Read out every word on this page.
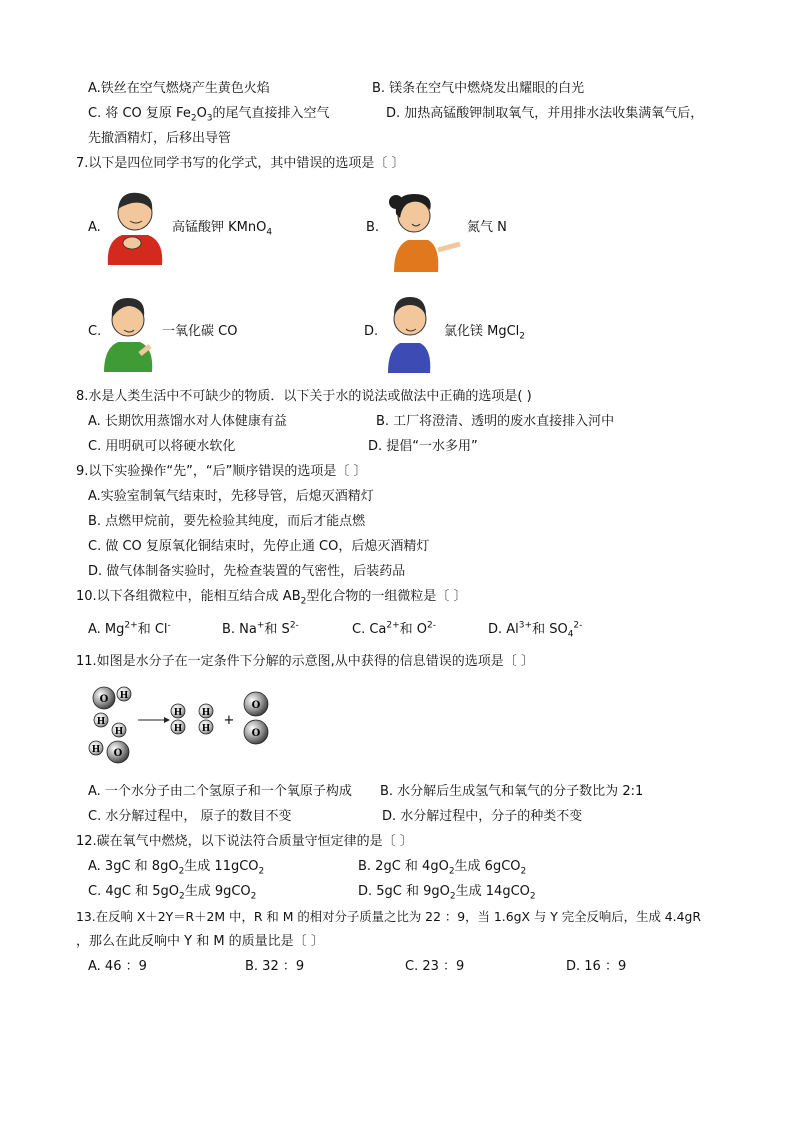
A.铁丝在空气燃烧产生黄色火焰	B. 镁条在空气中燃烧发出耀眼的白光
C. 将 CO 复原 $Fe_2O_3$的尾气直接排入空气	D. 加热高锰酸钾制取氧气，并用排水法收集满氧气后，
先撤酒精灯，后移出导管
7.以下是四位同学书写的化学式，其中错误的选项是〔 〕
A.	高锰酸钾 KMnO$_4$	B.	氮气 N
C.	一氧化碳 CO	D.	氯化镁 MgCl$_2$
8.水是人类生活中不可缺少的物质．以下关于水的说法或做法中正确的选项是( )
A. 长期饮用蒸馏水对人体健康有益	B. 工厂将澄清、透明的废水直接排入河中
C. 用明矾可以将硬水软化	D. 提倡“一水多用”
9.以下实验操作“先”，“后”顺序错误的选项是〔 〕
A.实验室制氧气结束时，先移导管，后熄灭酒精灯
B. 点燃甲烷前，要先检验其纯度，而后才能点燃
C. 做 CO 复原氧化铜结束时，先停止通 CO，后熄灭酒精灯
D. 做气体制备实验时，先检查装置的气密性，后装药品
10.以下各组微粒中，能相互结合成 $AB_2$型化合物的一组微粒是〔 〕
A. $Mg^{2+}$和 Cl-	B. Na+和 $S^{2-}$	C. $Ca^{2+}$和 $O^{2-}$	D. $Al^{3+}$和 $SO_4^{2-}$
11.如图是水分子在一定条件下分解的示意图,从中获得的信息错误的选项是〔 〕
O H
H
H
H O
H
H
H
H
+
O
O
A. 一个水分子由二个氢原子和一个氧原子构成 B. 水分解后生成氢气和氧气的分子数比为 2:1
C. 水分解过程中， 原子的数目不变	D. 水分解过程中，分子的种类不变
12.碳在氧气中燃烧，以下说法符合质量守恒定律的是〔 〕
A. 3gC 和 $8gO_2$生成 11gCO$_2$	B. 2gC 和 $4gO_2$生成 6gCO$_2$
C. 4gC 和 $5gO_2$生成 9gCO$_2$	D. 5gC 和 $9gO_2$生成 14gCO$_2$
13.在反响 X＋2Y＝R＋2M 中，R 和 M 的相对分子质量之比为 22 ：9，当 1.6gX 与 Y 完全反响后，生成 4.4gR
，那么在此反响中 Y 和 M 的质量比是〔 〕
A. 46 ：9	B. 32 ：9	C. 23 ：9	D. 16 ：9
